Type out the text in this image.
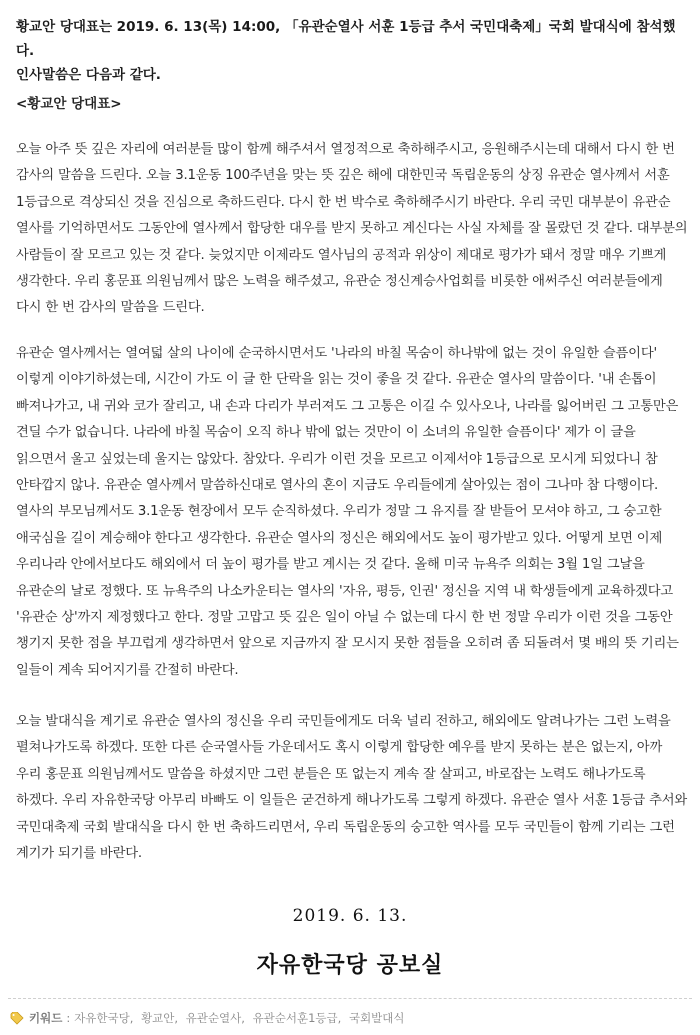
황교안 당대표는 2019. 6. 13(목) 14:00, 「유관순열사 서훈 1등급 추서 국민대축제」국회 발대식에 참석했다.
인사말씀은 다음과 같다.
<황교안 당대표>

오늘 아주 뜻 깊은 자리에 여러분들 많이 함께 해주셔서 열정적으로 축하해주시고, 응원해주시는데 대해서 다시 한 번 감사의 말씀을 드린다. 오늘 3.1운동 100주년을 맞는 뜻 깊은 해에 대한민국 독립운동의 상징 유관순 열사께서 서훈 1등급으로 격상되신 것을 진심으로 축하드린다. 다시 한 번 박수로 축하해주시기 바란다. 우리 국민 대부분이 유관순 열사를 기억하면서도 그동안에 열사께서 합당한 대우를 받지 못하고 계신다는 사실 자체를 잘 몰랐던 것 같다. 대부분의 사람들이 잘 모르고 있는 것 같다. 늦었지만 이제라도 열사님의 공적과 위상이 제대로 평가가 돼서 정말 매우 기쁘게 생각한다. 우리 홍문표 의원님께서 많은 노력을 해주셨고, 유관순 정신계승사업회를 비롯한 애써주신 여러분들에게 다시 한 번 감사의 말씀을 드린다.

유관순 열사께서는 열여덟 살의 나이에 순국하시면서도 '나라의 바칠 목숨이 하나밖에 없는 것이 유일한 슬픔이다' 이렇게 이야기하셨는데, 시간이 가도 이 글 한 단락을 읽는 것이 좋을 것 같다. 유관순 열사의 말씀이다. '내 손톱이 빠져나가고, 내 귀와 코가 잘리고, 내 손과 다리가 부러져도 그 고통은 이길 수 있사오나, 나라를 잃어버린 그 고통만은 견딜 수가 없습니다. 나라에 바칠 목숨이 오직 하나 밖에 없는 것만이 이 소녀의 유일한 슬픔이다' 제가 이 글을 읽으면서 울고 싶었는데 울지는 않았다. 참았다. 우리가 이런 것을 모르고 이제서야 1등급으로 모시게 되었다니 참 안타깝지 않나. 유관순 열사께서 말씀하신대로 열사의 혼이 지금도 우리들에게 살아있는 점이 그나마 참 다행이다. 열사의 부모님께서도 3.1운동 현장에서 모두 순직하셨다. 우리가 정말 그 유지를 잘 받들어 모셔야 하고, 그 숭고한 애국심을 길이 계승해야 한다고 생각한다. 유관순 열사의 정신은 해외에서도 높이 평가받고 있다. 어떻게 보면 이제 우리나라 안에서보다도 해외에서 더 높이 평가를 받고 계시는 것 같다. 올해 미국 뉴욕주 의회는 3월 1일 그날을 유관순의 날로 정했다. 또 뉴욕주의 나소카운티는 열사의 '자유, 평등, 인권' 정신을 지역 내 학생들에게 교육하겠다고 '유관순 상'까지 제정했다고 한다. 정말 고맙고 뜻 깊은 일이 아닐 수 없는데 다시 한 번 정말 우리가 이런 것을 그동안 챙기지 못한 점을 부끄럽게 생각하면서 앞으로 지금까지 잘 모시지 못한 점들을 오히려 좀 되돌려서 몇 배의 뜻 기리는 일들이 계속 되어지기를 간절히 바란다.

오늘 발대식을 계기로 유관순 열사의 정신을 우리 국민들에게도 더욱 널리 전하고, 해외에도 알려나가는 그런 노력을 펼쳐나가도록 하겠다. 또한 다른 순국열사들 가운데서도 혹시 이렇게 합당한 예우를 받지 못하는 분은 없는지, 아까 우리 홍문표 의원님께서도 말씀을 하셨지만 그런 분들은 또 없는지 계속 잘 살피고, 바로잡는 노력도 해나가도록 하겠다. 우리 자유한국당 아무리 바빠도 이 일들은 굳건하게 해나가도록 그렇게 하겠다. 유관순 열사 서훈 1등급 추서와 국민대축제 국회 발대식을 다시 한 번 축하드리면서, 우리 독립운동의 숭고한 역사를 모두 국민들이 함께 기리는 그런 계기가 되기를 바란다.

2019. 6. 13.
자유한국당 공보실
키워드 : 자유한국당, 황교안, 유관순열사, 유관순서훈1등급, 국회발대식
